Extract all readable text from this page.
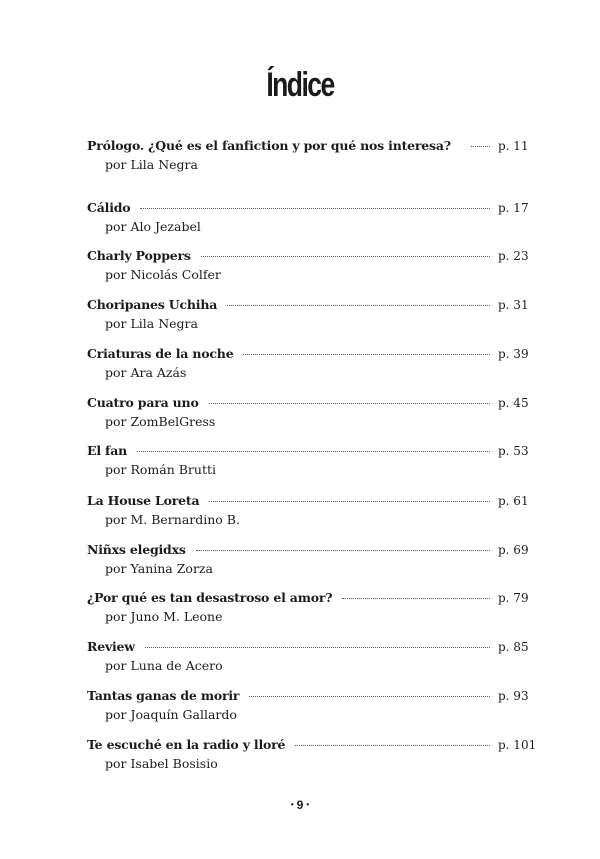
Índice
Prólogo. ¿Qué es el fanfiction y por qué nos interesa?	p. 11
por Lila Negra
Cálido	p. 17
por Alo Jezabel
Charly Poppers	p. 23
por Nicolás Colfer
Choripanes Uchiha	p. 31
por Lila Negra
Criaturas de la noche	p. 39
por Ara Azás
Cuatro para uno	p. 45
por ZomBelGress
El fan	p. 53
por Román Brutti
La House Loreta	p. 61
por M. Bernardino B.
Niñxs elegidxs	p. 69
por Yanina Zorza
¿Por qué es tan desastroso el amor?	p. 79
por Juno M. Leone
Review	p. 85
por Luna de Acero
Tantas ganas de morir	p. 93
por Joaquín Gallardo
Te escuché en la radio y lloré	p. 101
por Isabel Bosisio
• 9 •
